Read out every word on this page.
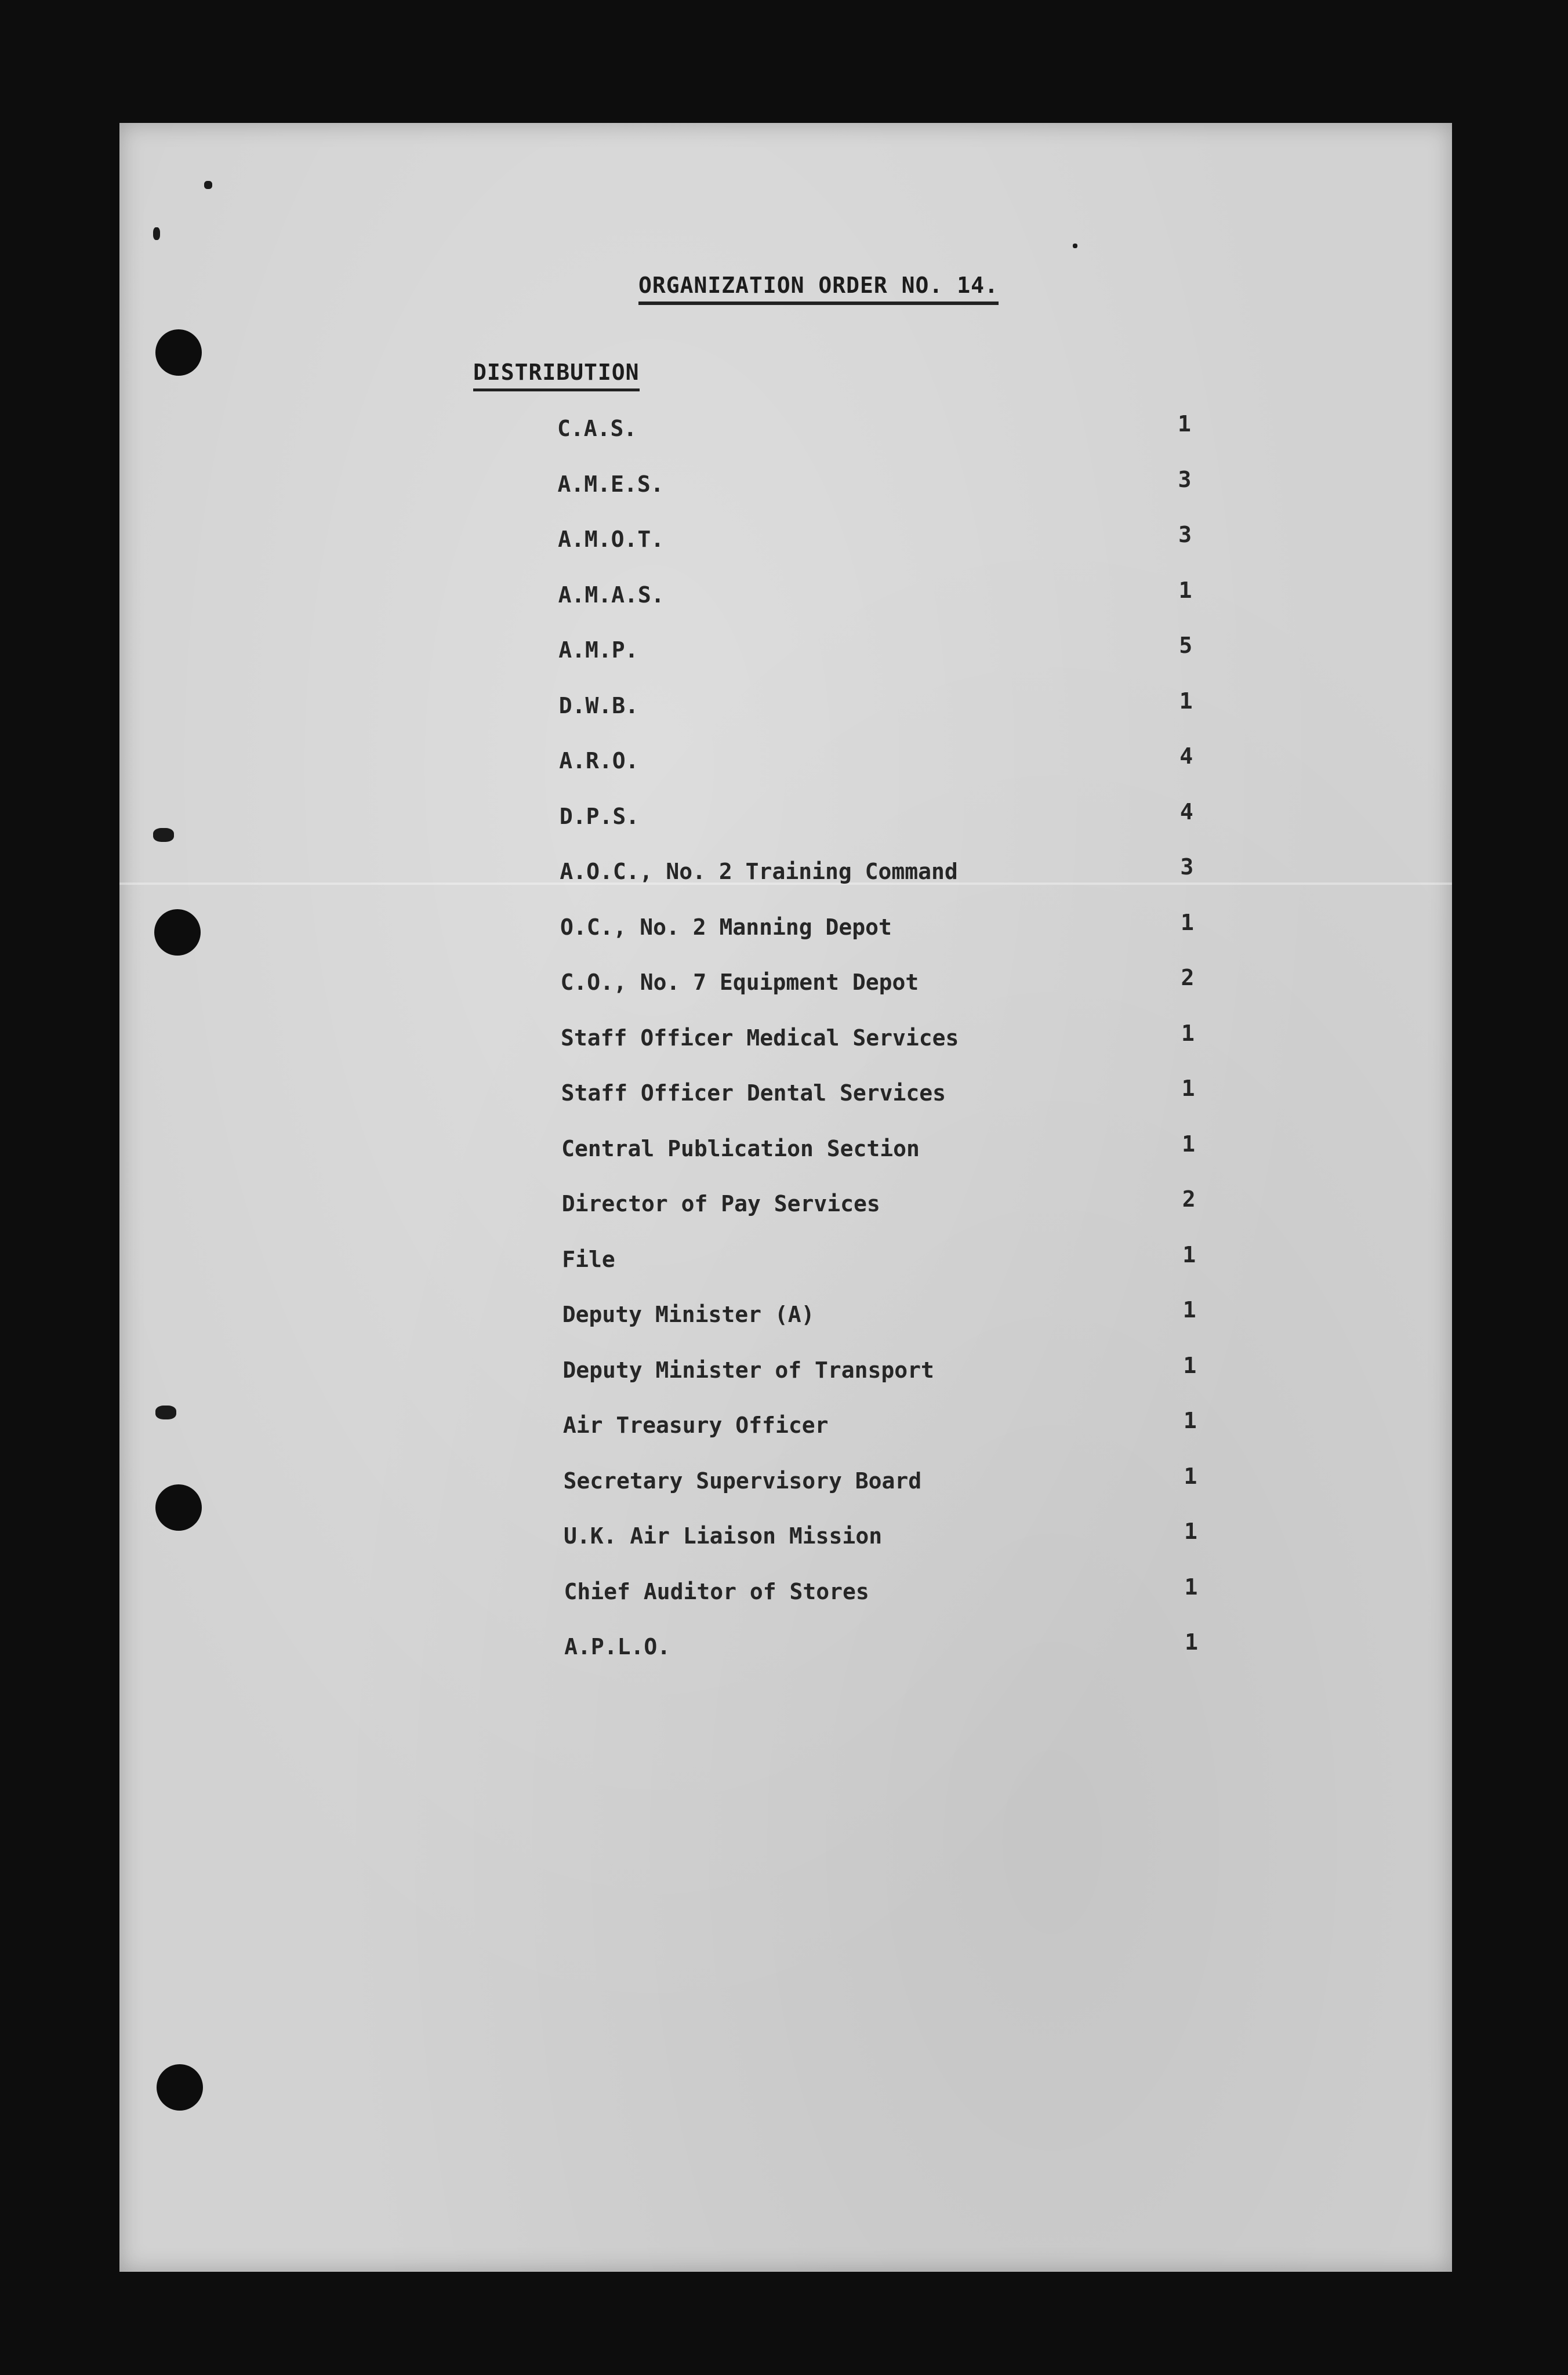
ORGANIZATION ORDER NO. 14.
DISTRIBUTION
C.A.S.	1
A.M.E.S.	3
A.M.O.T.	3
A.M.A.S.	1
A.M.P.	5
D.W.B.	1
A.R.O.	4
D.P.S.	4
A.O.C., No. 2 Training Command	3
O.C., No. 2 Manning Depot	1
C.O., No. 7 Equipment Depot	2
Staff Officer Medical Services	1
Staff Officer Dental Services	1
Central Publication Section	1
Director of Pay Services	2
File	1
Deputy Minister (A)	1
Deputy Minister of Transport	1
Air Treasury Officer	1
Secretary Supervisory Board	1
U.K. Air Liaison Mission	1
Chief Auditor of Stores	1
A.P.L.O.	1
